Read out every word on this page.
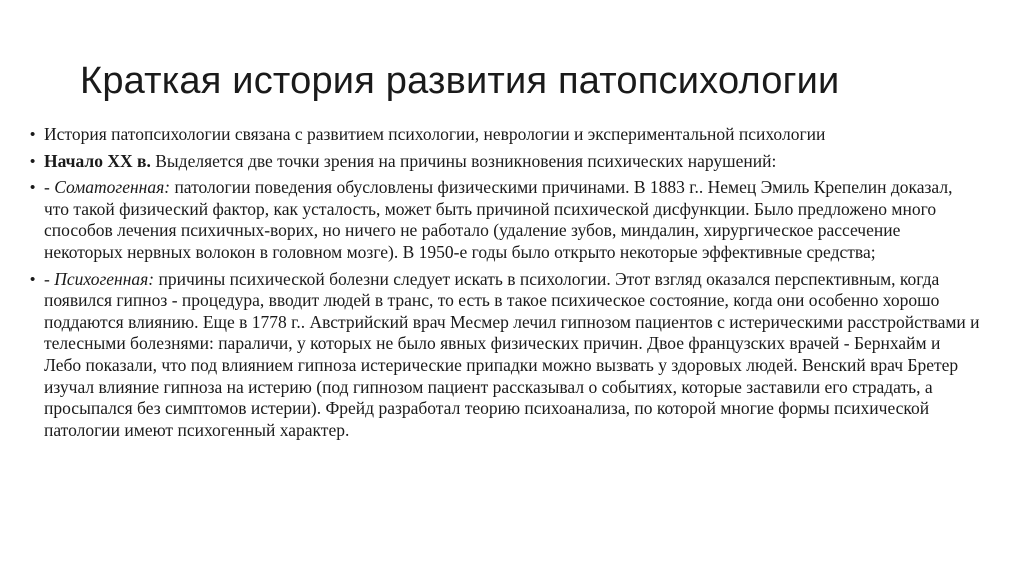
Краткая история развития патопсихологии
• История патопсихологии связана с развитием психологии, неврологии и экспериментальной психологии
• Начало XX в. Выделяется две точки зрения на причины возникновения психических нарушений:
• - Соматогенная: патологии поведения обусловлены физическими причинами. В 1883 г.. Немец Эмиль Крепелин доказал, что такой физический фактор, как усталость, может быть причиной психической дисфункции. Было предложено много способов лечения психичных-ворих, но ничего не работало (удаление зубов, миндалин, хирургическое рассечение некоторых нервных волокон в головном мозге). В 1950-е годы было открыто некоторые эффективные средства;
• - Психогенная: причины психической болезни следует искать в психологии. Этот взгляд оказался перспективным, когда появился гипноз - процедура, вводит людей в транс, то есть в такое психическое состояние, когда они особенно хорошо поддаются влиянию. Еще в 1778 г.. Австрийский врач Месмер лечил гипнозом пациентов с истерическими расстройствами и телесными болезнями: параличи, у которых не было явных физических причин. Двое французских врачей - Бернхайм и Лебо показали, что под влиянием гипноза истерические припадки можно вызвать у здоровых людей. Венский врач Бретер изучал влияние гипноза на истерию (под гипнозом пациент рассказывал о событиях, которые заставили его страдать, а просыпался без симптомов истерии). Фрейд разработал теорию психоанализа, по которой многие формы психической патологии имеют психогенный характер.
